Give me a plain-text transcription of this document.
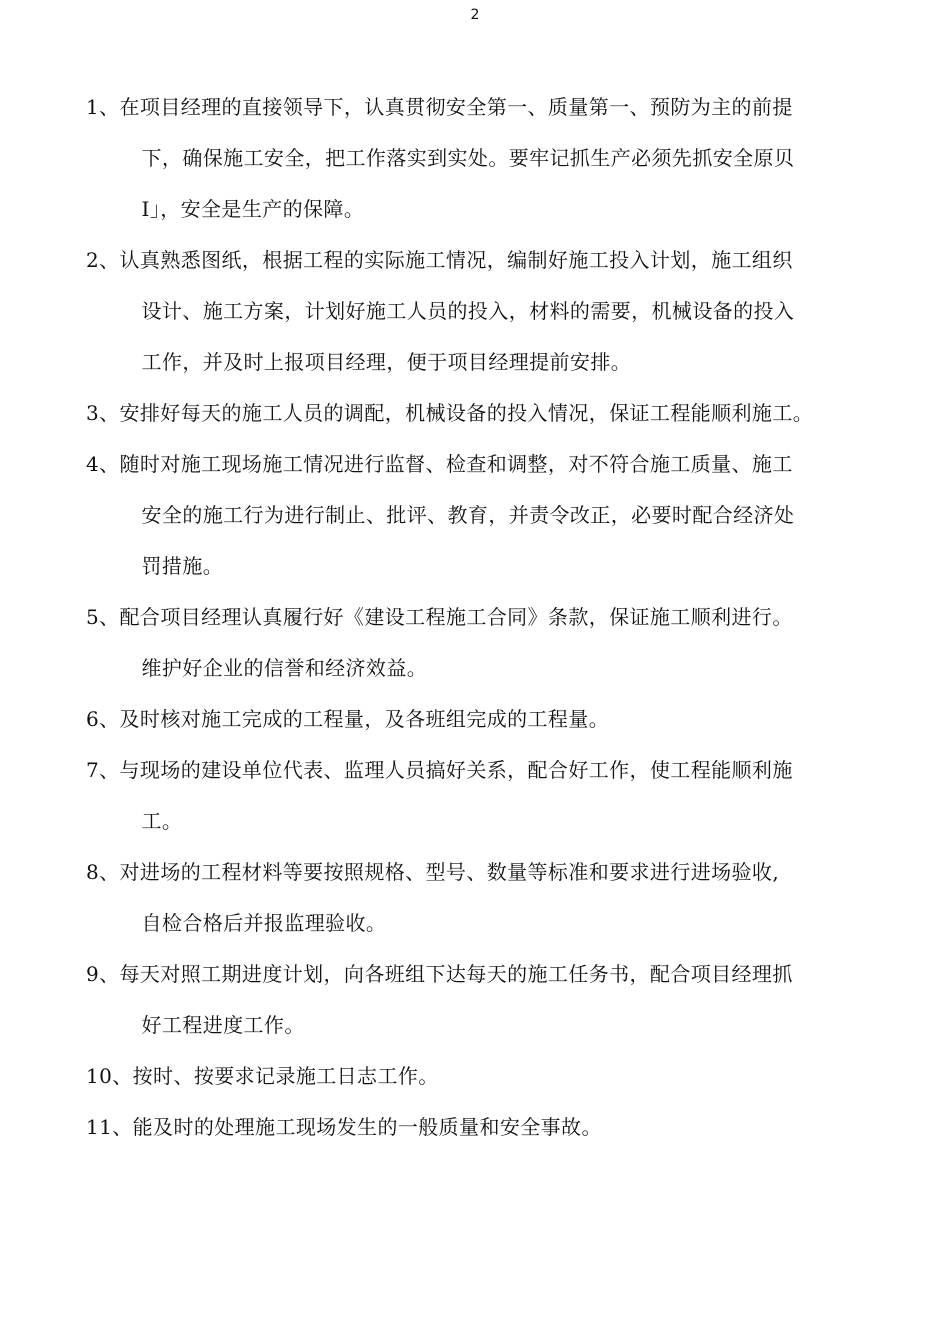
2
1、 在项目经理的直接领导下，认真贯彻安全第一、质量第一、预防为主的前提
下，确保施工安全，把工作落实到实处。要牢记抓生产必须先抓安全原贝
I」，安全是生产的保障。
2、 认真熟悉图纸，根据工程的实际施工情况，编制好施工投入计划，施工组织
设计、施工方案，计划好施工人员的投入，材料的需要，机械设备的投入
工作，并及时上报项目经理，便于项目经理提前安排。
3、 安排好每天的施工人员的调配，机械设备的投入情况，保证工程能顺利施工。
4、 随时对施工现场施工情况进行监督、检查和调整，对不符合施工质量、施工
安全的施工行为进行制止、批评、教育，并责令改正，必要时配合经济处
罚措施。
5、 配合项目经理认真履行好《建设工程施工合同》条款，保证施工顺利进行。
维护好企业的信誉和经济效益。
6、 及时核对施工完成的工程量，及各班组完成的工程量。
7、 与现场的建设单位代表、监理人员搞好关系，配合好工作，使工程能顺利施
工。
8、 对进场的工程材料等要按照规格、型号、数量等标准和要求进行进场验收,
自检合格后并报监理验收。
9、 每天对照工期进度计划，向各班组下达每天的施工任务书，配合项目经理抓
好工程进度工作。
10、 按时、按要求记录施工日志工作。
11、 能及时的处理施工现场发生的一般质量和安全事故。
